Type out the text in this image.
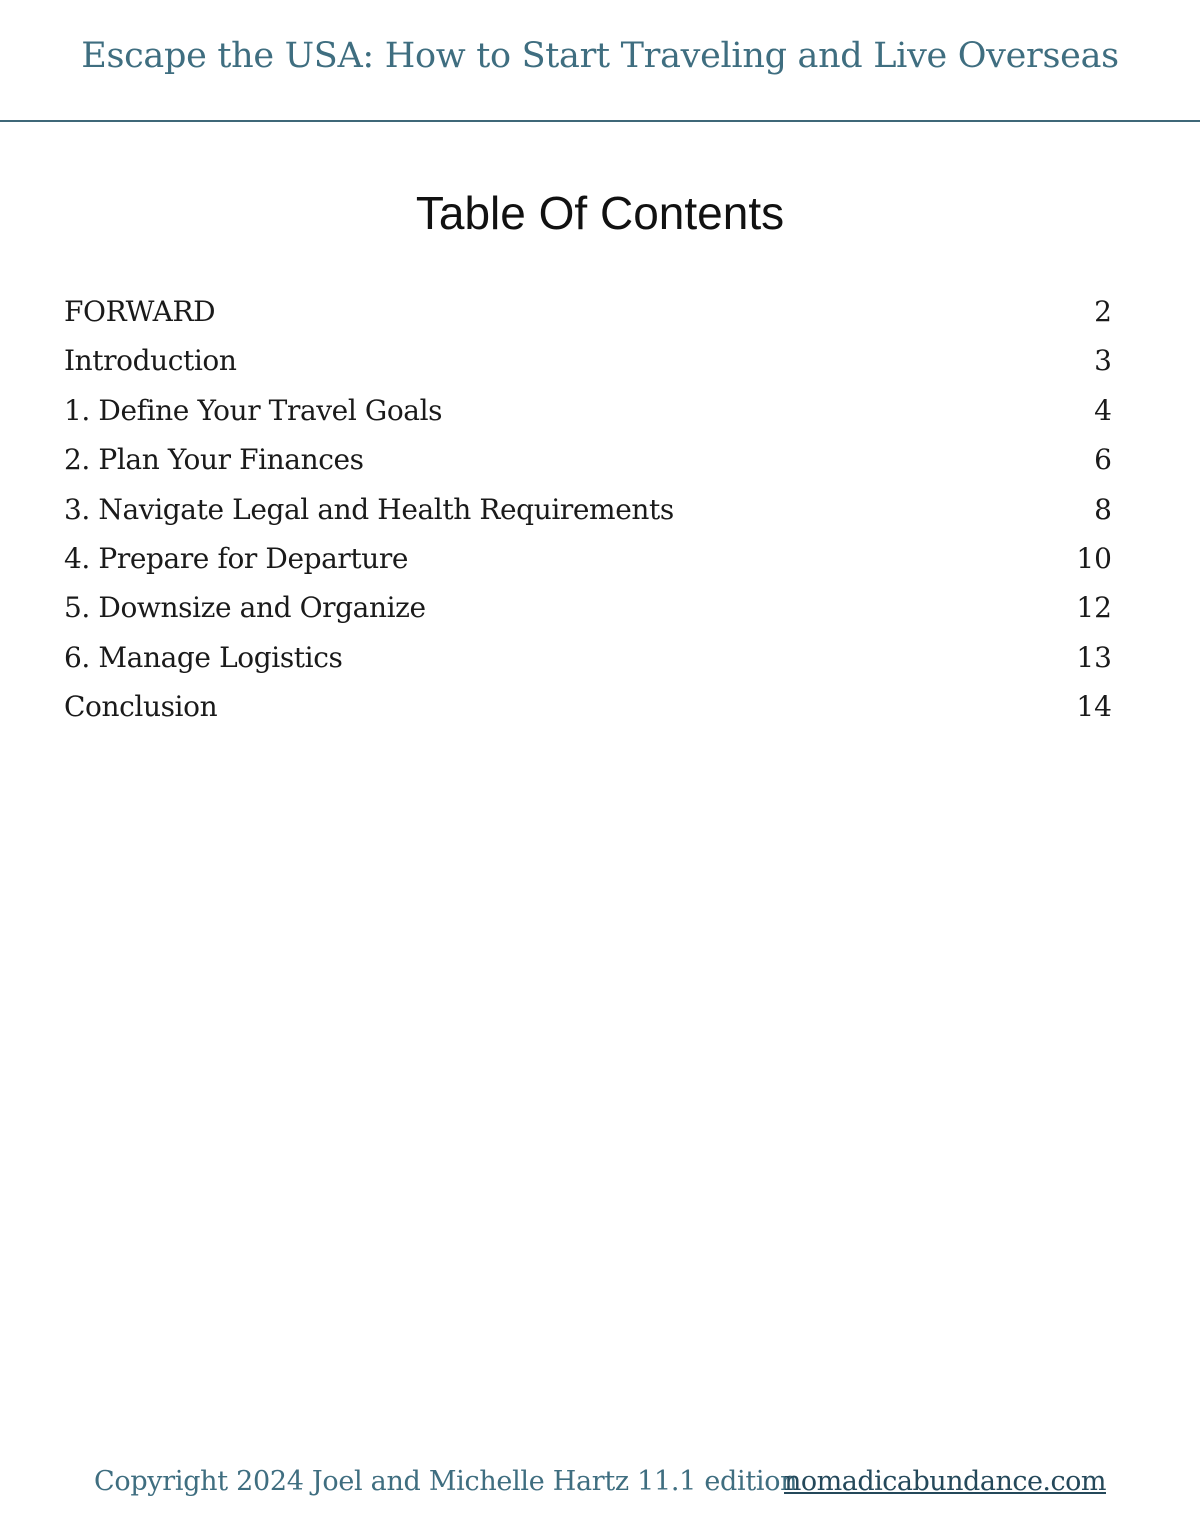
Escape the USA: How to Start Traveling and Live Overseas
Table Of Contents
FORWARD	2
Introduction	3
1. Define Your Travel Goals	4
2. Plan Your Finances	6
3. Navigate Legal and Health Requirements	8
4. Prepare for Departure	10
5. Downsize and Organize	12
6. Manage Logistics	13
Conclusion	14
Copyright 2024 Joel and Michelle Hartz 11.1 edition
nomadicabundance.com
